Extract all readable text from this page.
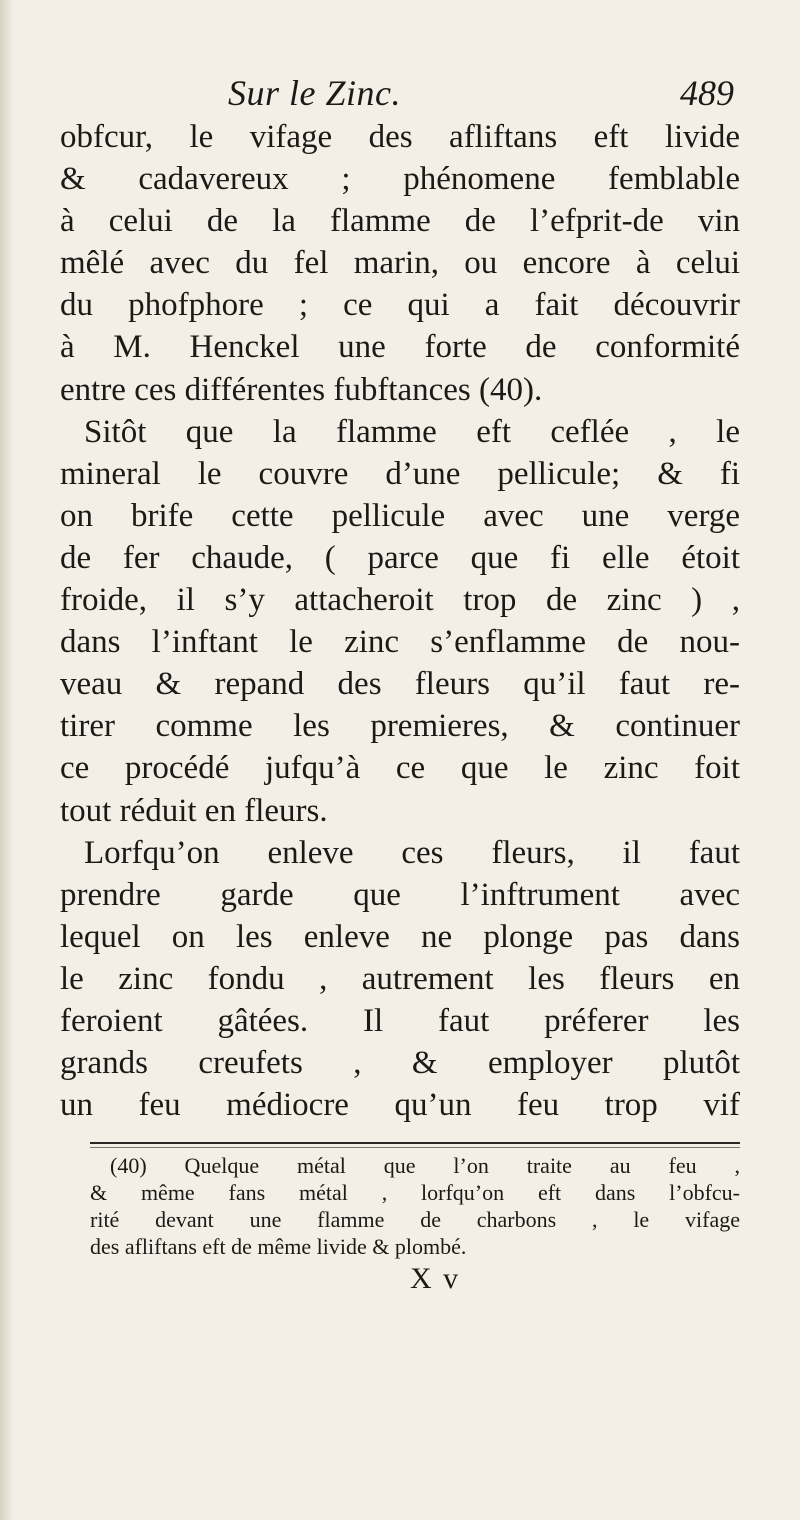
Sur le Zinc.	489
obfcur, le vifage des afliftans eft livide
& cadavereux ; phénomene femblable
à celui de la flamme de l’efprit-de vin
mêlé avec du fel marin, ou encore à celui
du phofphore ; ce qui a fait découvrir
à M. Henckel une forte de conformité
entre ces différentes fubftances (40).
Sitôt que la flamme eft ceflée , le
mineral le couvre d’une pellicule; & fi
on brife cette pellicule avec une verge
de fer chaude, ( parce que fi elle étoit
froide, il s’y attacheroit trop de zinc ) ,
dans l’inftant le zinc s’enflamme de nou-
veau & repand des fleurs qu’il faut re-
tirer comme les premieres, & continuer
ce procédé jufqu’à ce que le zinc foit
tout réduit en fleurs.
Lorfqu’on enleve ces fleurs, il faut
prendre garde que l’inftrument avec
lequel on les enleve ne plonge pas dans
le zinc fondu , autrement les fleurs en
feroient gâtées. Il faut préferer les
grands creufets , & employer plutôt
un feu médiocre qu’un feu trop vif
(40) Quelque métal que l’on traite au feu ,
& même fans métal , lorfqu’on eft dans l’obfcu-
rité devant une flamme de charbons , le vifage
des afliftans eft de même livide & plombé.
X v
